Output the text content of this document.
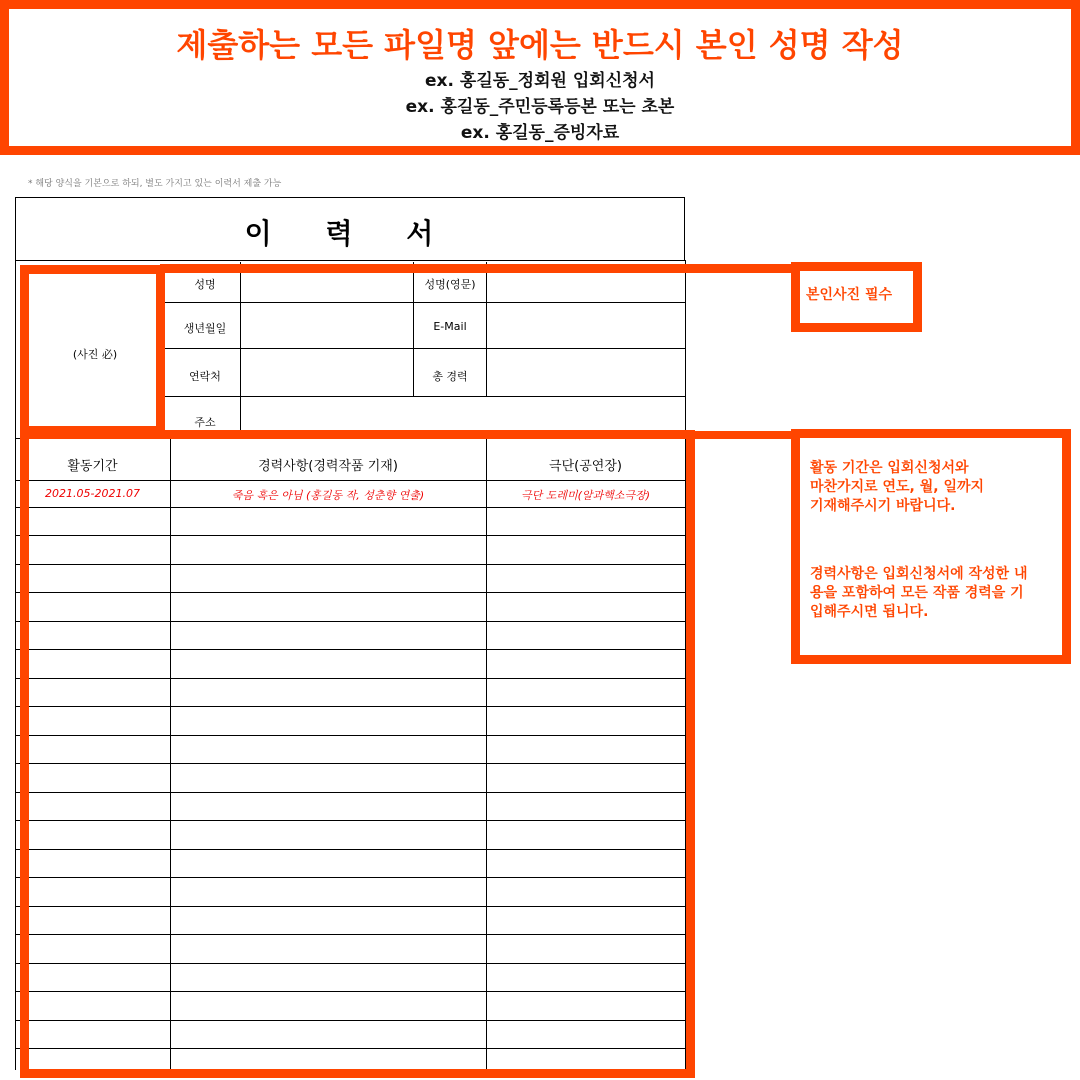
제출하는 모든 파일명 앞에는 반드시 본인 성명 작성
ex. 홍길동_정회원 입회신청서
ex. 홍길동_주민등록등본 또는 초본
ex. 홍길동_증빙자료
* 해당 양식을 기본으로 하되, 별도 가지고 있는 이력서 제출 가능
이 력 서
(사진 必)
성명	성명(영문)
생년월일	E-Mail
연락처	총 경력
주소
활동기간	경력사항(경력작품 기재)	극단(공연장)
2021.05-2021.07	죽음 혹은 아님 (홍길동 작, 성춘향 연출)	극단 도레미(알과핵소극장)
본인사진 필수
활동 기간은 입회신청서와
마찬가지로 연도, 월, 일까지
기재해주시기 바랍니다.
경력사항은 입회신청서에 작성한 내
용을 포함하여 모든 작품 경력을 기
입해주시면 됩니다.
